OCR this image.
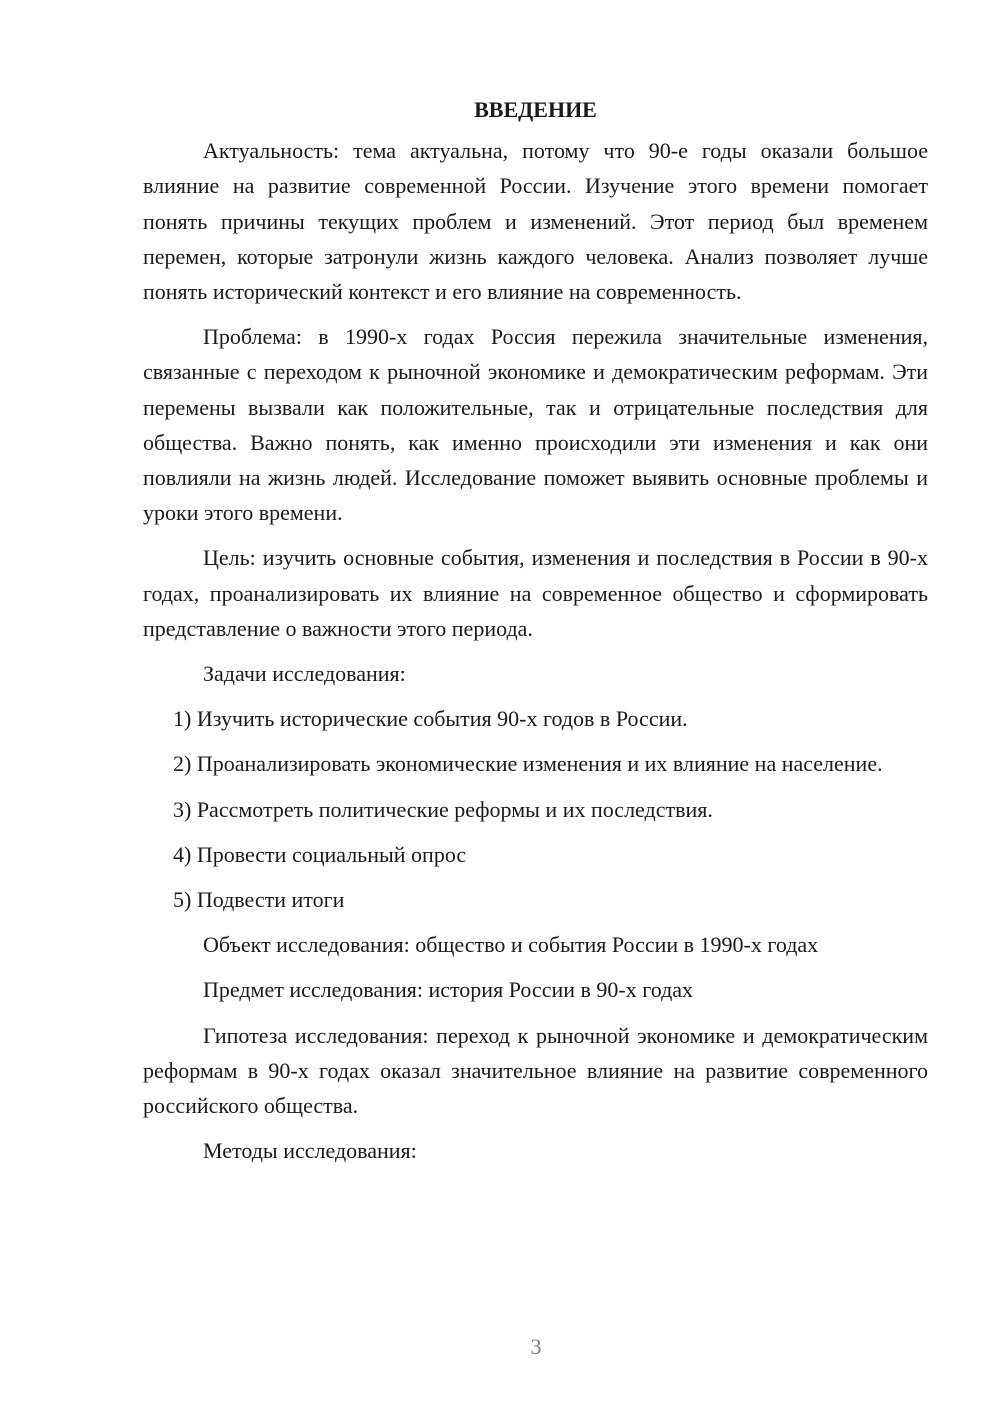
ВВЕДЕНИЕ

Актуальность: тема актуальна, потому что 90-е годы оказали большое влияние на развитие современной России. Изучение этого времени помогает понять причины текущих проблем и изменений. Этот период был временем перемен, которые затронули жизнь каждого человека. Анализ позволяет лучше понять исторический контекст и его влияние на современность.

Проблема: в 1990-х годах Россия пережила значительные изменения, связанные с переходом к рыночной экономике и демократическим реформам. Эти перемены вызвали как положительные, так и отрицательные последствия для общества. Важно понять, как именно происходили эти изменения и как они повлияли на жизнь людей. Исследование поможет выявить основные проблемы и уроки этого времени.

Цель: изучить основные события, изменения и последствия в России в 90-х годах, проанализировать их влияние на современное общество и сформировать представление о важности этого периода.

Задачи исследования:

1) Изучить исторические события 90-х годов в России.

2) Проанализировать экономические изменения и их влияние на население.

3) Рассмотреть политические реформы и их последствия.

4) Провести социальный опрос

5) Подвести итоги

Объект исследования: общество и события России в 1990-х годах

Предмет исследования: история России в 90-х годах

Гипотеза исследования: переход к рыночной экономике и демократическим реформам в 90-х годах оказал значительное влияние на развитие современного российского общества.

Методы исследования:

3
